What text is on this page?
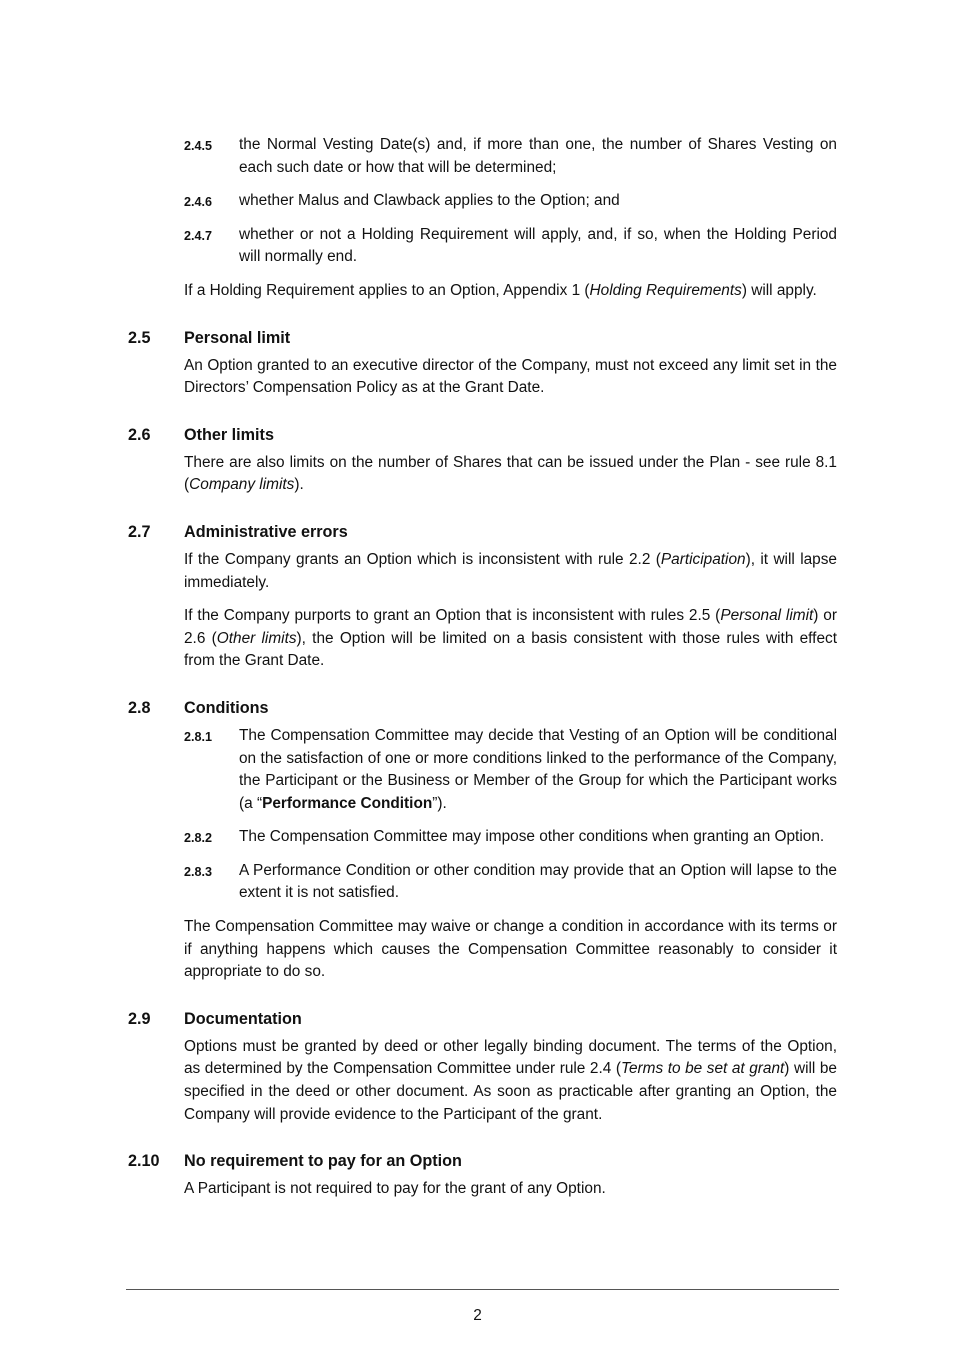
2.4.5 the Normal Vesting Date(s) and, if more than one, the number of Shares Vesting on each such date or how that will be determined;
2.4.6 whether Malus and Clawback applies to the Option; and
2.4.7 whether or not a Holding Requirement will apply, and, if so, when the Holding Period will normally end.

If a Holding Requirement applies to an Option, Appendix 1 (Holding Requirements) will apply.

2.5 Personal limit

An Option granted to an executive director of the Company, must not exceed any limit set in the Directors’ Compensation Policy as at the Grant Date.

2.6 Other limits

There are also limits on the number of Shares that can be issued under the Plan - see rule 8.1 (Company limits).

2.7 Administrative errors

If the Company grants an Option which is inconsistent with rule 2.2 (Participation), it will lapse immediately.

If the Company purports to grant an Option that is inconsistent with rules 2.5 (Personal limit) or 2.6 (Other limits), the Option will be limited on a basis consistent with those rules with effect from the Grant Date.

2.8 Conditions
2.8.1 The Compensation Committee may decide that Vesting of an Option will be conditional on the satisfaction of one or more conditions linked to the performance of the Company, the Participant or the Business or Member of the Group for which the Participant works (a “Performance Condition”).
2.8.2 The Compensation Committee may impose other conditions when granting an Option.
2.8.3 A Performance Condition or other condition may provide that an Option will lapse to the extent it is not satisfied.

The Compensation Committee may waive or change a condition in accordance with its terms or if anything happens which causes the Compensation Committee reasonably to consider it appropriate to do so.

2.9 Documentation

Options must be granted by deed or other legally binding document. The terms of the Option, as determined by the Compensation Committee under rule 2.4 (Terms to be set at grant) will be specified in the deed or other document. As soon as practicable after granting an Option, the Company will provide evidence to the Participant of the grant.

2.10 No requirement to pay for an Option

A Participant is not required to pay for the grant of any Option.

2
